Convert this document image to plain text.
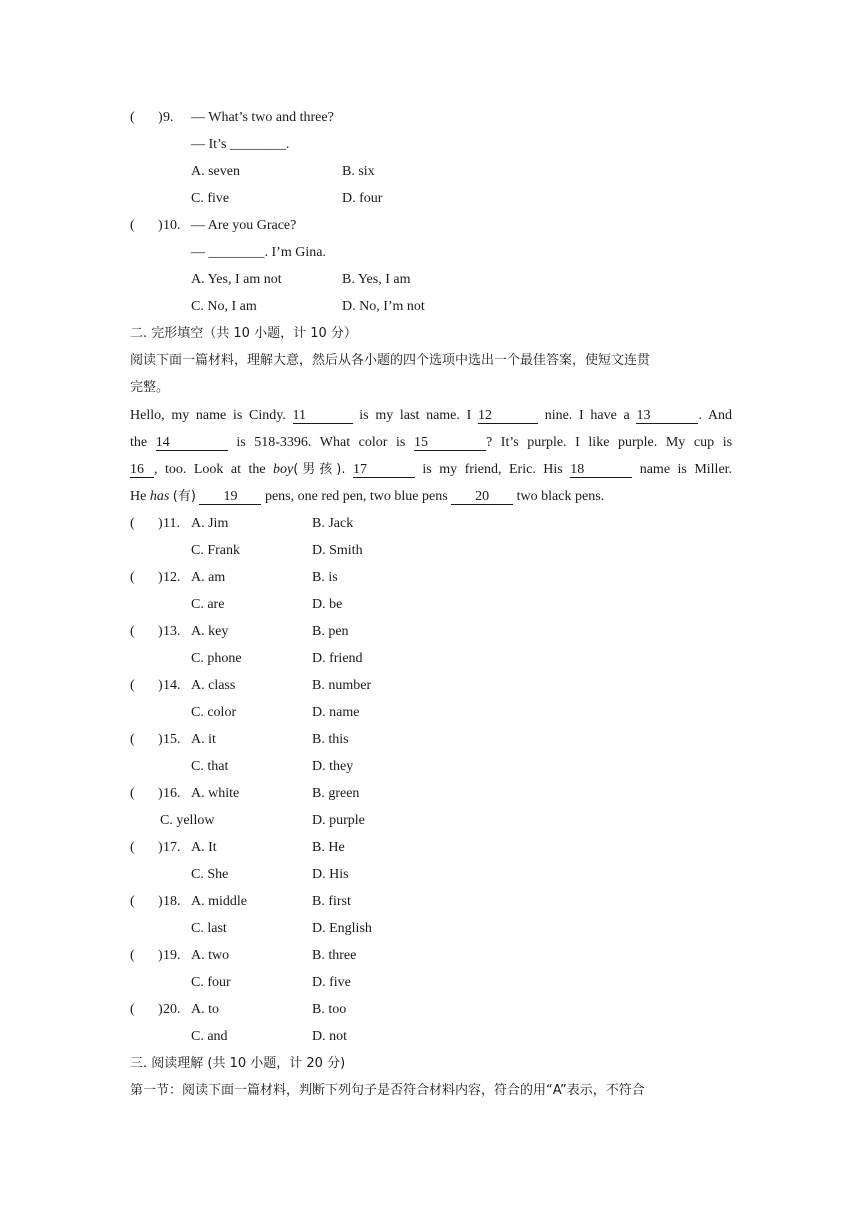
( ) 9. — What’s two and three?
— It’s ________.
A. seven	B. six
C. five	D. four
( ) 10. — Are you Grace?
— ________. I’m Gina.
A. Yes, I am not	B. Yes, I am
C. No, I am	D. No, I’m not
二. 完形填空（共 10 小题，计 10 分）
阅读下面一篇材料，理解大意，然后从各小题的四个选项中选出一个最佳答案，使短文连贯
完整。
Hello, my name is Cindy. 11	is my last name. I 12	nine. I have a 13	. And
the 14	is 518-3396. What color is 15	? It’s purple. I like purple. My cup is
16 , too. Look at the boy(男孩). 17	is my friend, Eric. His 18	name is Miller.
He has (有) 19 pens, one red pen, two blue pens 20 two black pens.
( ) 11. A. Jim	B. Jack
C. Frank	D. Smith
( ) 12. A. am	B. is
C. are	D. be
( ) 13. A. key	B. pen
C. phone	D. friend
( ) 14. A. class	B. number
C. color	D. name
( ) 15. A. it	B. this
C. that	D. they
( ) 16. A. white	B. green
C. yellow	D. purple
( ) 17. A. It	B. He
C. She	D. His
( ) 18. A. middle	B. first
C. last	D. English
( ) 19. A. two	B. three
C. four	D. five
( ) 20. A. to	B. too
C. and	D. not
三. 阅读理解 (共 10 小题，计 20 分)
第一节：阅读下面一篇材料，判断下列句子是否符合材料内容，符合的用“A”表示，不符合
